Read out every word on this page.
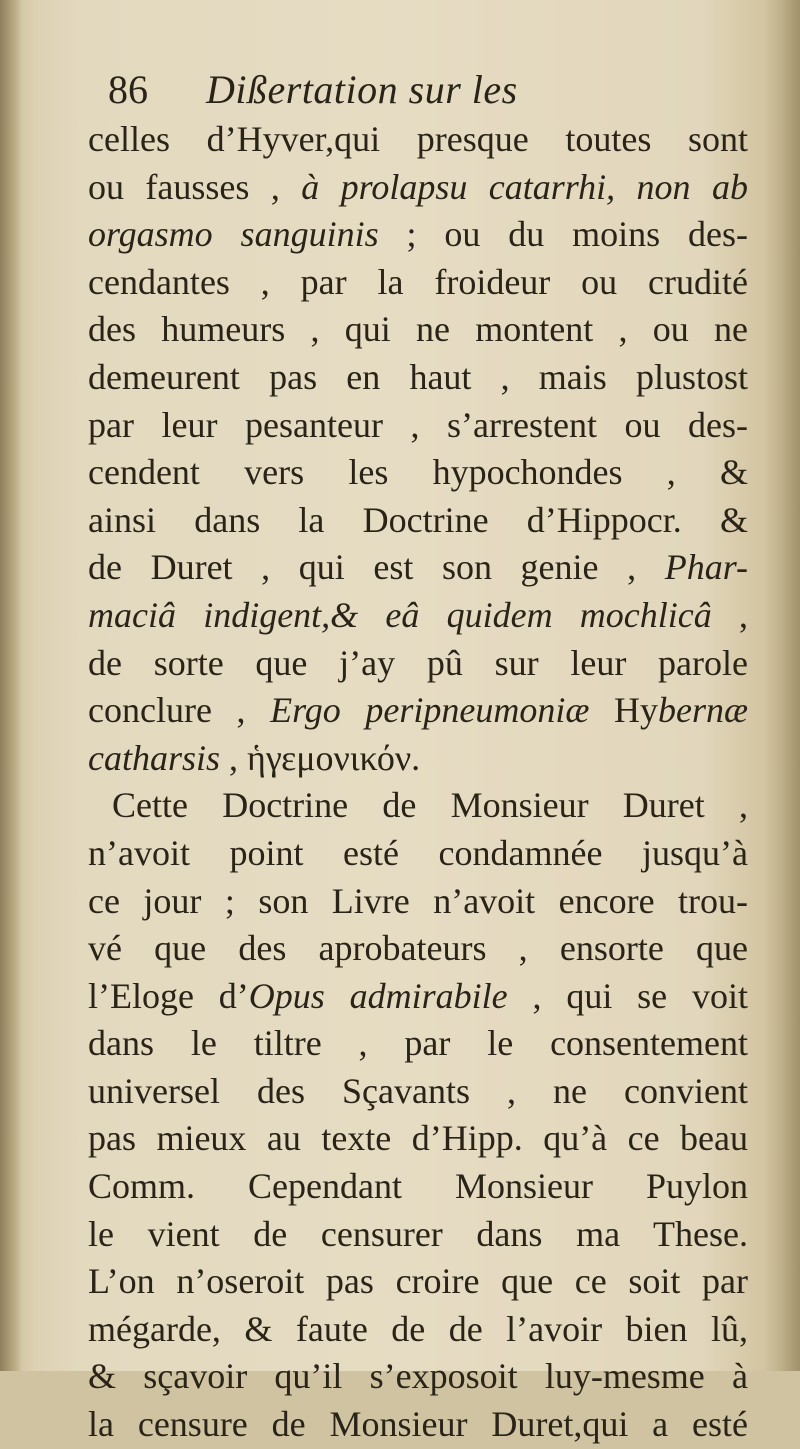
86 Dißertation sur les
celles d’Hyver,qui presque toutes sont
ou fausses , à prolapsu catarrhi, non ab
orgasmo sanguinis ; ou du moins des-
cendantes , par la froideur ou crudité
des humeurs , qui ne montent , ou ne
demeurent pas en haut , mais plustost
par leur pesanteur , s’arrestent ou des-
cendent vers les hypochondes , &
ainsi dans la Doctrine d’Hippocr. &
de Duret , qui est son genie , Phar-
maciâ indigent,& eâ quidem mochlicâ ,
de sorte que j’ay pû sur leur parole
conclure , Ergo peripneumoniæ Hybernæ
catharsis , ἡγεμονικόν.
Cette Doctrine de Monsieur Duret ,
n’avoit point esté condamnée jusqu’à
ce jour ; son Livre n’avoit encore trou-
vé que des aprobateurs , ensorte que
l’Eloge d’Opus admirabile , qui se voit
dans le tiltre , par le consentement
universel des Sçavants , ne convient
pas mieux au texte d’Hipp. qu’à ce beau
Comm. Cependant Monsieur Puylon
le vient de censurer dans ma These.
L’on n’oseroit pas croire que ce soit par
mégarde, & faute de de l’avoir bien lû,
& sçavoir qu’il s’exposoit luy-mesme à
la censure de Monsieur Duret,qui a esté
